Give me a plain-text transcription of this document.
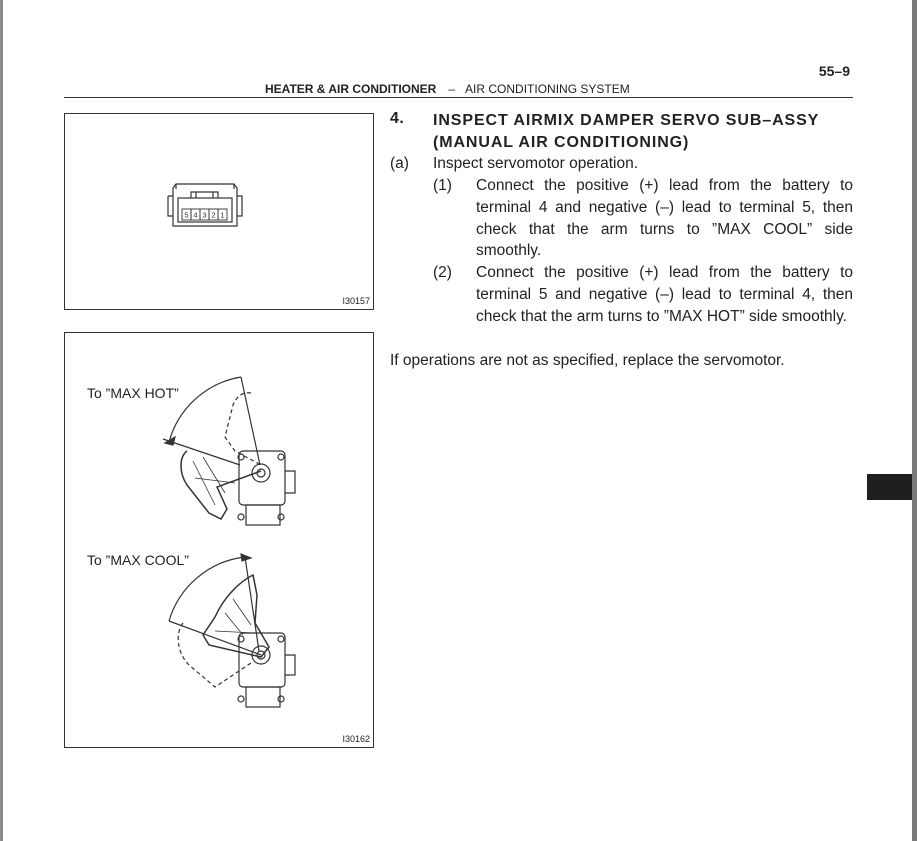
55–9
HEATER & AIR CONDITIONER – AIR CONDITIONING SYSTEM
5 4 3 2 1
I30157
To ”MAX HOT”
To ”MAX COOL”
I30162
4. INSPECT AIRMIX DAMPER SERVO SUB–ASSY
(MANUAL AIR CONDITIONING)
(a) Inspect servomotor operation.
(1) Connect the positive (+) lead from the battery to terminal 4 and negative (–) lead to terminal 5, then check that the arm turns to ”MAX COOL” side smoothly.
(2) Connect the positive (+) lead from the battery to terminal 5 and negative (–) lead to terminal 4, then check that the arm turns to ”MAX HOT” side smoothly.
If operations are not as specified, replace the servomotor.
